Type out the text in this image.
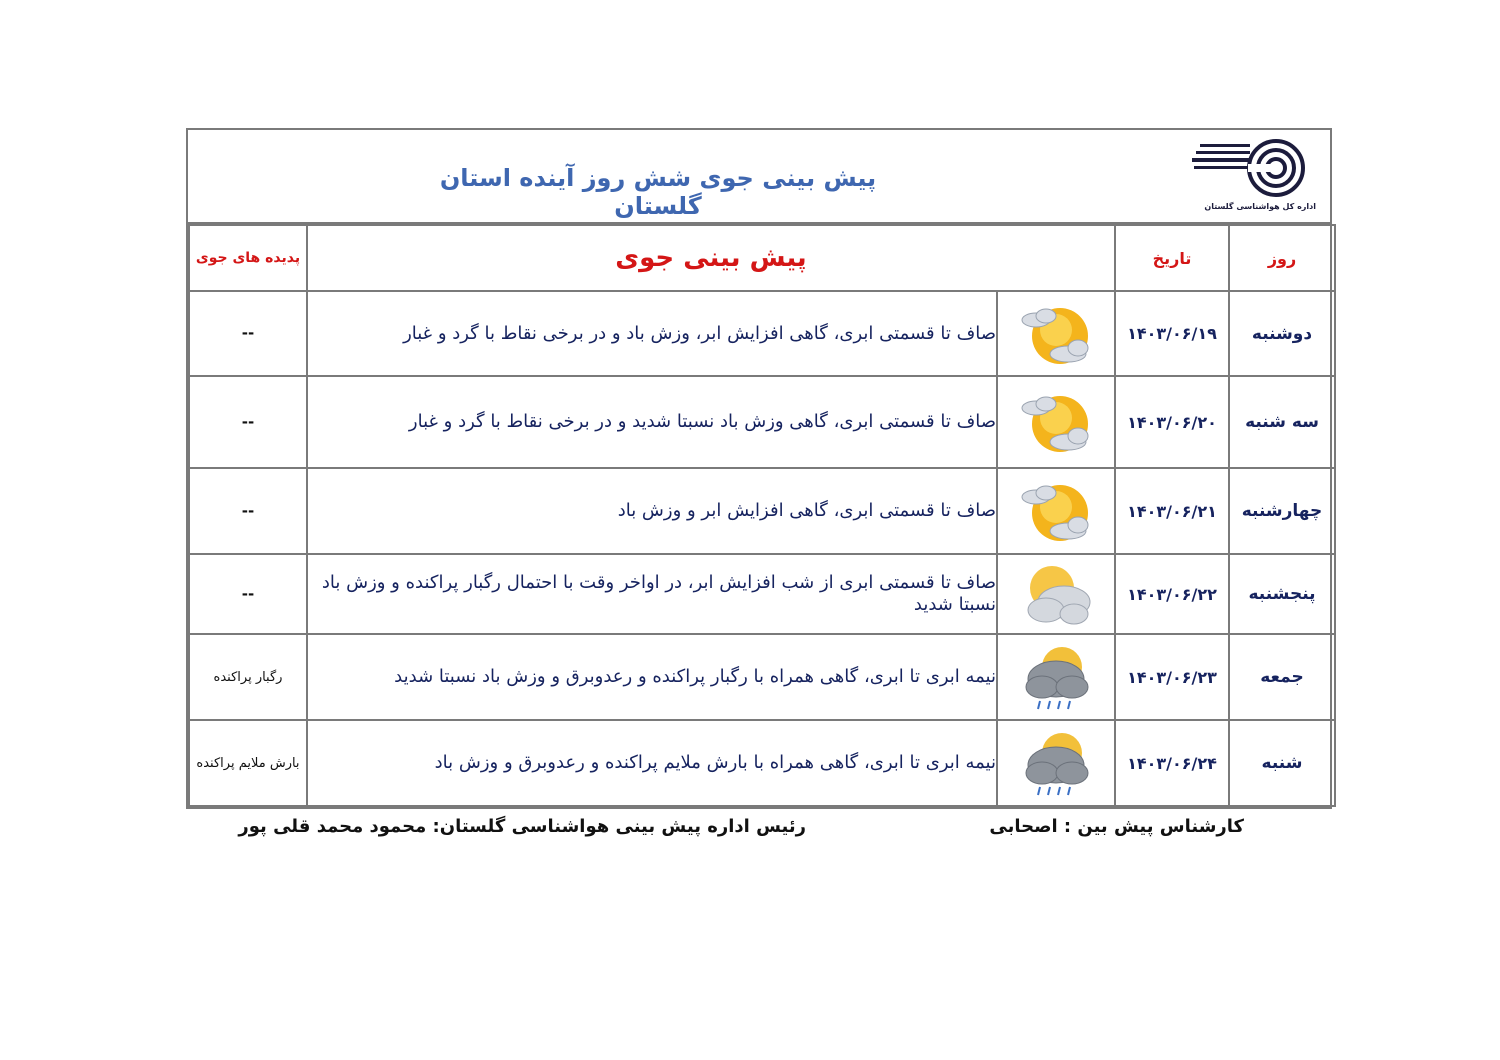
پیش بینی جوی شش روز آینده استان گلستان	اداره کل هواشناسی گلستان
روز	تاریخ	پیش بینی جوی		پدیده های جوی
دوشنبه	۱۴۰۳/۰۶/۱۹		صاف تا قسمتی ابری، گاهی افزایش ابر، وزش باد و در برخی نقاط با گرد و غبار	--
سه شنبه	۱۴۰۳/۰۶/۲۰		صاف تا قسمتی ابری، گاهی وزش باد نسبتا شدید و در برخی نقاط با گرد و غبار	--
چهارشنبه	۱۴۰۳/۰۶/۲۱		صاف تا قسمتی ابری، گاهی افزایش ابر و وزش باد	--
پنجشنبه	۱۴۰۳/۰۶/۲۲		صاف تا قسمتی ابری از شب افزایش ابر، در اواخر وقت با احتمال رگبار پراکنده و وزش باد نسبتا شدید	--
جمعه	۱۴۰۳/۰۶/۲۳		نیمه ابری تا ابری، گاهی همراه با رگبار پراکنده و رعدوبرق و وزش باد نسبتا شدید	رگبار پراکنده
شنبه	۱۴۰۳/۰۶/۲۴		نیمه ابری تا ابری، گاهی همراه با بارش ملایم پراکنده و رعدوبرق و وزش باد	بارش ملایم پراکنده
کارشناس پیش بین : اصحابی
رئیس اداره پیش بینی هواشناسی گلستان: محمود محمد قلی پور
